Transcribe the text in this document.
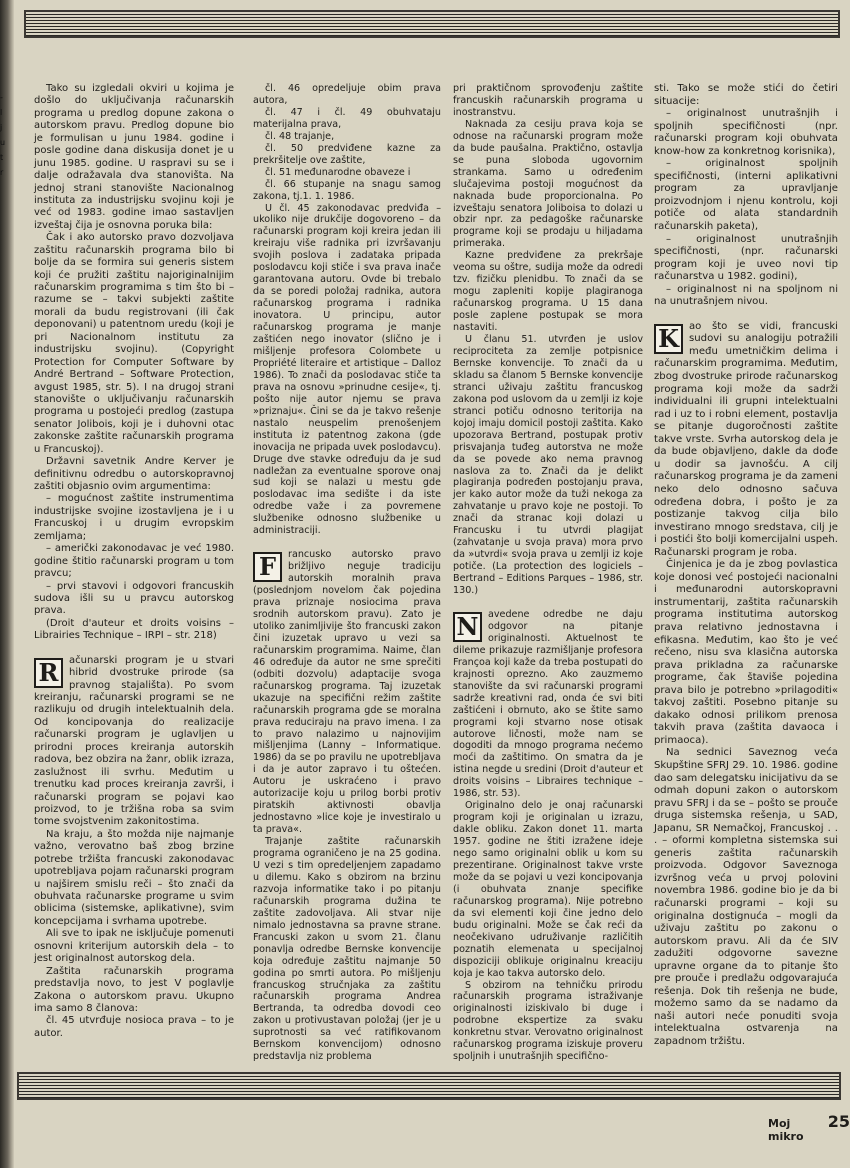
-
l
j
u
t
r

Tako su izgledali okviri u kojima je došlo do uključivanja računarskih programa u predlog dopune zakona o autorskom pravu. Predlog dopune bio je formulisan u junu 1984. godine i posle godine dana diskusija donet je u junu 1985. godine. U raspravi su se i dalje odražavala dva stanovišta. Na jednoj strani stanovište Nacionalnog instituta za industrijsku svojinu koji je već od 1983. godine imao sastavljen izveštaj čija je osnovna poruka bila:

Čak i ako autorsko pravo dozvoljava zaštitu računarskih programa bilo bi bolje da se formira sui generis sistem koji će pružiti zaštitu najoriginalnijim računarskim programima s tim što bi – razume se – takvi subjekti zaštite morali da budu registrovani (ili čak deponovani) u patentnom uredu (koji je pri Nacionalnom institutu za industrijsku svojinu). (Copyright Protection for Computer Software by André Bertrand – Software Protection, avgust 1985, str. 5). I na drugoj strani stanovište o uključivanju računarskih programa u postojeći predlog (zastupa senator Jolibois, koji je i duhovni otac zakonske zaštite računarskih programa u Francuskoj).

Državni savetnik Andre Kerver je definitivnu odredbu o autorskopravnoj zaštiti objasnio ovim argumentima:

– mogućnost zaštite instrumentima industrijske svojine izostavljena je i u Francuskoj i u drugim evropskim zemljama;

– američki zakonodavac je već 1980. godine štitio računarski program u tom pravcu;

– prvi stavovi i odgovori francuskih sudova išli su u pravcu autorskog prava.

(Droit d'auteur et droits voisins – Librairies Technique – IRPI – str. 218)

R	ačunarski program je u stvari hibrid dvostruke prirode (sa pravnog stajališta). Po svom kreiranju, računarski programi se ne razlikuju od drugih intelektualnih dela. Od koncipovanja do realizacije računarski program je uglavljen u prirodni proces kreiranja autorskih radova, bez obzira na žanr, oblik izraza, zaslužnost ili svrhu. Međutim u trenutku kad proces kreiranja završi, i računarski program se pojavi kao proizvod, to je tržišna roba sa svim tome svojstvenim zakonitostima.

Na kraju, a što možda nije najmanje važno, verovatno baš zbog brzine potrebe tržišta francuski zakonodavac upotrebljava pojam računarski program u najširem smislu reči – što znači da obuhvata računarske programe u svim oblicima (sistemske, aplikativne), svim koncepcijama i svrhama upotrebe.

Ali sve to ipak ne isključuje pomenuti osnovni kriterijum autorskih dela – to jest originalnost autorskog dela.

Zaštita računarskih programa predstavlja novo, to jest V poglavlje Zakona o autorskom pravu. Ukupno ima samo 8 članova:

čl. 45 utvrđuje nosioca prava – to je autor.

čl. 46 opredeljuje obim prava autora,

čl. 47 i čl. 49 obuhvataju materijalna prava,

čl. 48 trajanje,

čl. 50 predviđene kazne za prekršitelje ove zaštite,

čl. 51 međunarodne obaveze i

čl. 66 stupanje na snagu samog zakona, tj.1. 1. 1986.

U čl. 45 zakonodavac predviđa – ukoliko nije drukčije dogovoreno – da računarski program koji kreira jedan ili kreiraju više radnika pri izvršavanju svojih poslova i zadataka pripada poslodavcu koji stiče i sva prava inače garantovana autoru. Ovde bi trebalo da se poredi položaj radnika, autora računarskog programa i radnika inovatora. U principu, autor računarskog programa je manje zaštićen nego inovator (slično je i mišljenje profesora Colombete u Propriété literaire et artistique – Dalloz 1986). To znači da poslodavac stiče ta prava na osnovu »prinudne cesije«, tj. pošto nije autor njemu se prava »priznaju«. Čini se da je takvo rešenje nastalo neuspelim prenošenjem instituta iz patentnog zakona (gde inovacija ne pripada uvek poslodavcu). Druge dve stavke određuju da je sud nadležan za eventualne sporove onaj sud koji se nalazi u mestu gde poslodavac ima sedište i da iste odredbe važe i za povremene službenike odnosno službenike u administraciji.

F	rancusko autorsko pravo brižljivo neguje tradiciju autorskih moralnih prava (poslednjom novelom čak pojedina prava priznaje nosiocima prava srodnih autorskom pravu). Zato je utoliko zanimljivije što francuski zakon čini izuzetak upravo u vezi sa računarskim programima. Naime, član 46 određuje da autor ne sme sprečiti (odbiti dozvolu) adaptacije svoga računarskog programa. Taj izuzetak ukazuje na specifični režim zaštite računarskih programa gde se moralna prava reduciraju na pravo imena. I za to pravo nalazimo u najnovijim mišljenjima (Lanny – Informatique. 1986) da se po pravilu ne upotrebljava i da je autor zapravo i tu oštećen. Autoru je uskraćeno i pravo autorizacije koju u prilog borbi protiv piratskih aktivnosti obavlja jednostavno »lice koje je investiralo u ta prava«.

Trajanje zaštite računarskih programa ograničeno je na 25 godina. U vezi s tim opredeljenjem zapadamo u dilemu. Kako s obzirom na brzinu razvoja informatike tako i po pitanju računarskih programa dužina te zaštite zadovoljava. Ali stvar nije nimalo jednostavna sa pravne strane. Francuski zakon u svom 21. članu ponavlja odredbe Bernske konvencije koja određuje zaštitu najmanje 50 godina po smrti autora. Po mišljenju francuskog stručnjaka za zaštitu računarskih programa Andrea Bertranda, ta odredba dovodi ceo zakon u protivustavan položaj (jer je u suprotnosti sa već ratifikovanom Bernskom konvencijom) odnosno predstavlja niz problema

pri praktičnom sprovođenju zaštite francuskih računarskih programa u inostranstvu.

Naknada za cesiju prava koja se odnose na računarski program može da bude paušalna. Praktično, ostavlja se puna sloboda ugovornim strankama. Samo u određenim slučajevima postoji mogućnost da naknada bude proporcionalna. Po izveštaju senatora Joliboisa to dolazi u obzir npr. za pedagoške računarske programe koji se prodaju u hiljadama primeraka.

Kazne predviđene za prekršaje veoma su oštre, sudija može da odredi tzv. fizičku plenidbu. To znači da se mogu zapleniti kopije plagiranoga računarskog programa. U 15 dana posle zaplene postupak se mora nastaviti.

U članu 51. utvrđen je uslov reciprociteta za zemlje potpisnice Bernske konvencije. To znači da u skladu sa članom 5 Bernske konvencije stranci uživaju zaštitu francuskog zakona pod uslovom da u zemlji iz koje stranci potiču odnosno teritorija na kojoj imaju domicil postoji zaštita. Kako upozorava Bertrand, postupak protiv prisvajanja tuđeg autorstva ne može da se povede ako nema pravnog naslova za to. Znači da je delikt plagiranja podređen postojanju prava, jer kako autor može da tuži nekoga za zahvatanje u pravo koje ne postoji. To znači da stranac koji dolazi u Francusku i tu utvrdi plagijat (zahvatanje u svoja prava) mora prvo da »utvrdi« svoja prava u zemlji iz koje potiče. (La protection des logiciels – Bertrand – Editions Parques – 1986, str. 130.)

N avedene odredbe ne daju odgovor na pitanje originalnosti. Aktuelnost te dileme prikazuje razmišljanje profesora Françoa koji kaže da treba postupati do krajnosti oprezno. Ako zauzmemo stanovište da svi računarski programi sadrže kreativni rad, onda će svi biti zaštićeni i obrnuto, ako se štite samo programi koji stvarno nose otisak autorove ličnosti, može nam se dogoditi da mnogo programa nećemo moći da zaštitimo. On smatra da je istina negde u sredini (Droit d'auteur et droits voisins – Libraires technique – 1986, str. 53).

Originalno delo je onaj računarski program koji je originalan u izrazu, dakle obliku. Zakon donet 11. marta 1957. godine ne štiti izražene ideje nego samo originalni oblik u kom su prezentirane. Originalnost takve vrste može da se pojavi u vezi koncipovanja (i obuhvata znanje specifike računarskog programa). Nije potrebno da svi elementi koji čine jedno delo budu originalni. Može se čak reći da neočekivano udruživanje različitih poznatih elemenata u specijalnoj dispoziciji oblikuje originalnu kreaciju koja je kao takva autorsko delo.

S obzirom na tehničku prirodu računarskih programa istraživanje originalnosti iziskivalo bi duge i podrobne ekspertize za svaku konkretnu stvar. Verovatno originalnost računarskog programa iziskuje proveru spoljnih i unutrašnjih specifično-

sti. Tako se može stići do četiri situacije:

– originalnost unutrašnjih i spoljnih specifičnosti (npr. računarski program koji obuhvata know-how za konkretnog korisnika),

– originalnost spoljnih specifičnosti, (interni aplikativni program za upravljanje proizvodnjom i njenu kontrolu, koji potiče od alata standardnih računarskih paketa),

– originalnost unutrašnjih specifičnosti, (npr. računarski program koji je uveo novi tip računarstva u 1982. godini),

– originalnost ni na spoljnom ni na unutrašnjem nivou.

K ao što se vidi, francuski sudovi su analogiju potražili među umetničkim delima i računarskim programima. Međutim, zbog dvostruke prirode računarskog programa koji može da sadrži individualni ili grupni intelektualni rad i uz to i robni element, postavlja se pitanje dugoročnosti zaštite takve vrste. Svrha autorskog dela je da bude objavljeno, dakle da dođe u dodir sa javnošću. A cilj računarskog programa je da zameni neko delo odnosno sačuva određena dobra, i pošto je za postizanje takvog cilja bilo investirano mnogo sredstava, cilj je i postići što bolji komercijalni uspeh. Računarski program je roba.

Činjenica je da je zbog povlastica koje donosi već postojeći nacionalni i međunarodni autorskopravni instrumentarij, zaštita računarskih programa institutima autorskog prava relativno jednostavna i efikasna. Međutim, kao što je već rečeno, nisu sva klasična autorska prava prikladna za računarske programe, čak štaviše pojedina prava bilo je potrebno »prilagoditi« takvoj zaštiti. Posebno pitanje su dakako odnosi prilikom prenosa takvih prava (zaštita davaoca i primaoca).

Na sednici Saveznog veća Skupštine SFRJ 29. 10. 1986. godine dao sam delegatsku inicijativu da se odmah dopuni zakon o autorskom pravu SFRJ i da se – pošto se prouče druga sistemska rešenja, u SAD, Japanu, SR Nemačkoj, Francuskoj . . . – oformi kompletna sistemska sui generis zaštita računarskih proizvoda. Odgovor Saveznoga izvršnog veća u prvoj polovini novembra 1986. godine bio je da bi računarski programi – koji su originalna dostignuća – mogli da uživaju zaštitu po zakonu o autorskom pravu. Ali da će SIV zadužiti odgovorne savezne upravne organe da to pitanje što pre prouče i predlažu odgovarajuća rešenja. Dok tih rešenja ne bude, možemo samo da se nadamo da naši autori neće ponuditi svoja intelektualna ostvarenja na zapadnom tržištu.

Moj mikro
25
